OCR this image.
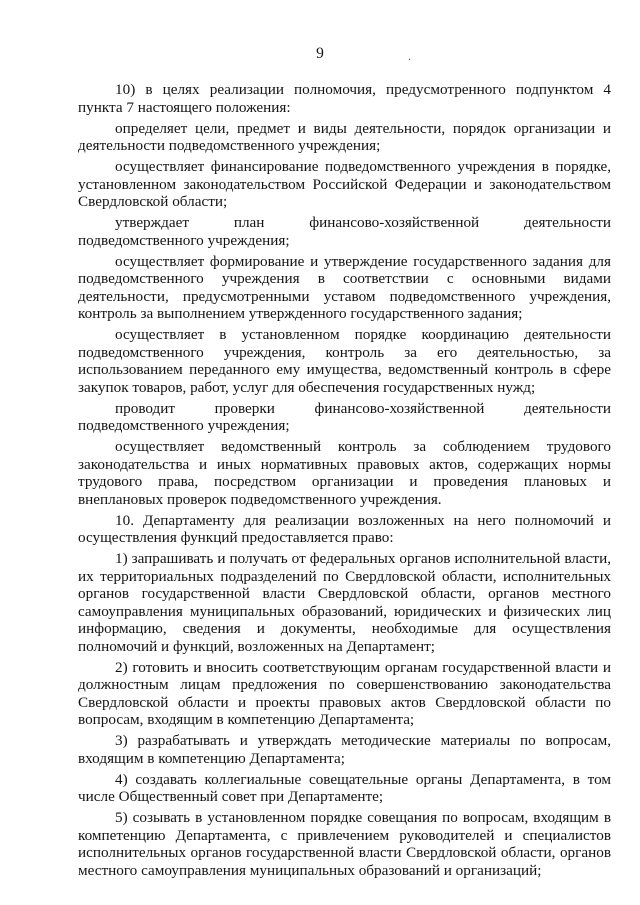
9	.

10) в целях реализации полномочия, предусмотренного подпунктом 4 пункта 7 настоящего положения:

определяет цели, предмет и виды деятельности, порядок организации и деятельности подведомственного учреждения;

осуществляет финансирование подведомственного учреждения в порядке, установленном законодательством Российской Федерации и законодательством Свердловской области;

утверждает план финансово-хозяйственной деятельности подведомственного учреждения;

осуществляет формирование и утверждение государственного задания для подведомственного учреждения в соответствии с основными видами деятельности, предусмотренными уставом подведомственного учреждения, контроль за выполнением утвержденного государственного задания;

осуществляет в установленном порядке координацию деятельности подведомственного учреждения, контроль за его деятельностью, за использованием переданного ему имущества, ведомственный контроль в сфере закупок товаров, работ, услуг для обеспечения государственных нужд;

проводит проверки финансово-хозяйственной деятельности подведомственного учреждения;

осуществляет ведомственный контроль за соблюдением трудового законодательства и иных нормативных правовых актов, содержащих нормы трудового права, посредством организации и проведения плановых и внеплановых проверок подведомственного учреждения.

10. Департаменту для реализации возложенных на него полномочий и осуществления функций предоставляется право:

1) запрашивать и получать от федеральных органов исполнительной власти, их территориальных подразделений по Свердловской области, исполнительных органов государственной власти Свердловской области, органов местного самоуправления муниципальных образований, юридических и физических лиц информацию, сведения и документы, необходимые для осуществления полномочий и функций, возложенных на Департамент;

2) готовить и вносить соответствующим органам государственной власти и должностным лицам предложения по совершенствованию законодательства Свердловской области и проекты правовых актов Свердловской области по вопросам, входящим в компетенцию Департамента;

3) разрабатывать и утверждать методические материалы по вопросам, входящим в компетенцию Департамента;

4) создавать коллегиальные совещательные органы Департамента, в том числе Общественный совет при Департаменте;

5) созывать в установленном порядке совещания по вопросам, входящим в компетенцию Департамента, с привлечением руководителей и специалистов исполнительных органов государственной власти Свердловской области, органов местного самоуправления муниципальных образований и организаций;
